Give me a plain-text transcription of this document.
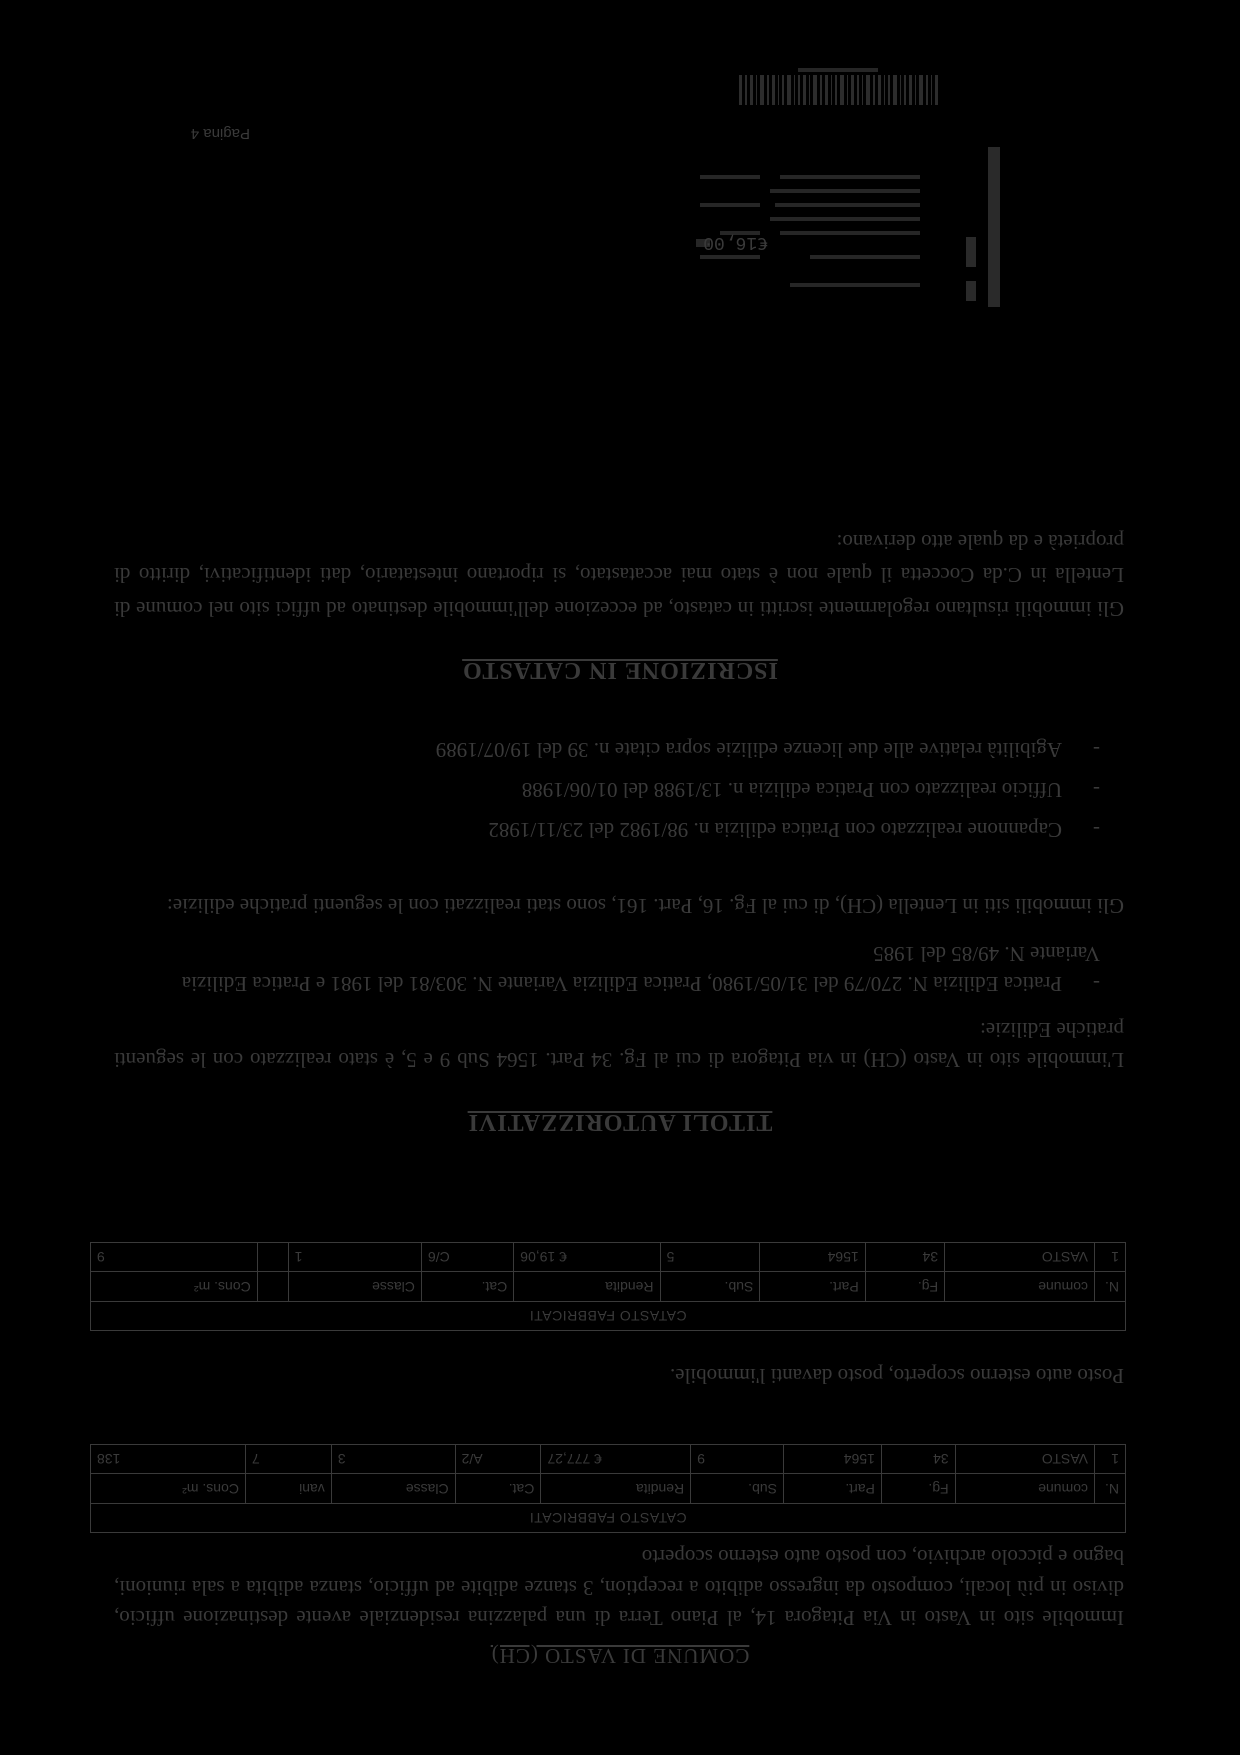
COMUNE DI VASTO (CH)
Immobile sito in Vasto in Via Pitagora 14, al Piano Terra di una palazzina residenziale avente destinazione ufficio, diviso in più locali, composto da ingresso adibito a reception, 3 stanze adibite ad ufficio, stanza adibita a sala riunioni, bagno e piccolo archivio, con posto auto esterno scoperto
CATASTO FABBRICATI									
N.	comune	Fg.	Part.	Sub.	Rendita	Cat.	Classe	vani	Cons. m²
1	VASTO	34	1564	9	€ 777,27	A/2	3	7	138
Posto auto esterno scoperto, posto davanti l'immobile.
CATASTO FABBRICATI									
N.	comune	Fg.	Part.	Sub.	Rendita	Cat.	Classe		Cons. m²
1	VASTO	34	1564	5	€ 19,06	C/6	1		9
TITOLI AUTORIZZATIVI
L'immobile sito in Vasto (CH) in via Pitagora di cui al Fg. 34 Part. 1564 Sub 9 e 5, è stato realizzato con le seguenti pratiche Edilizie:
-Pratica Edilizia N. 270/79 del 31/05/1980, Pratica Edilizia Variante N. 303/81 del 1981 e Pratica Edilizia Variante N. 49/85 del 1985
Gli immobili siti in Lentella (CH), di cui al Fg. 16, Part. 161, sono stati realizzati con le seguenti pratiche edilizie:
-Capannone realizzato con Pratica edilizia n. 98/1982 del 23/11/1982
-Ufficio realizzato con Pratica edilizia n. 13/1988 del 01/06/1988
-Agibilità relative alle due licenze edilizie sopra citate n. 39 del 19/07/1989
ISCRIZIONE IN CATASTO
Gli immobili risultano regolarmente iscritti in catasto, ad eccezione dell'immobile destinato ad uffici sito nel comune di Lentella in C.da Coccetta il quale non è stato mai accatastato, si riportano intestatario, dati identificativi, diritto di proprietà e da quale atto derivano:
€16,00
Pagina 4
